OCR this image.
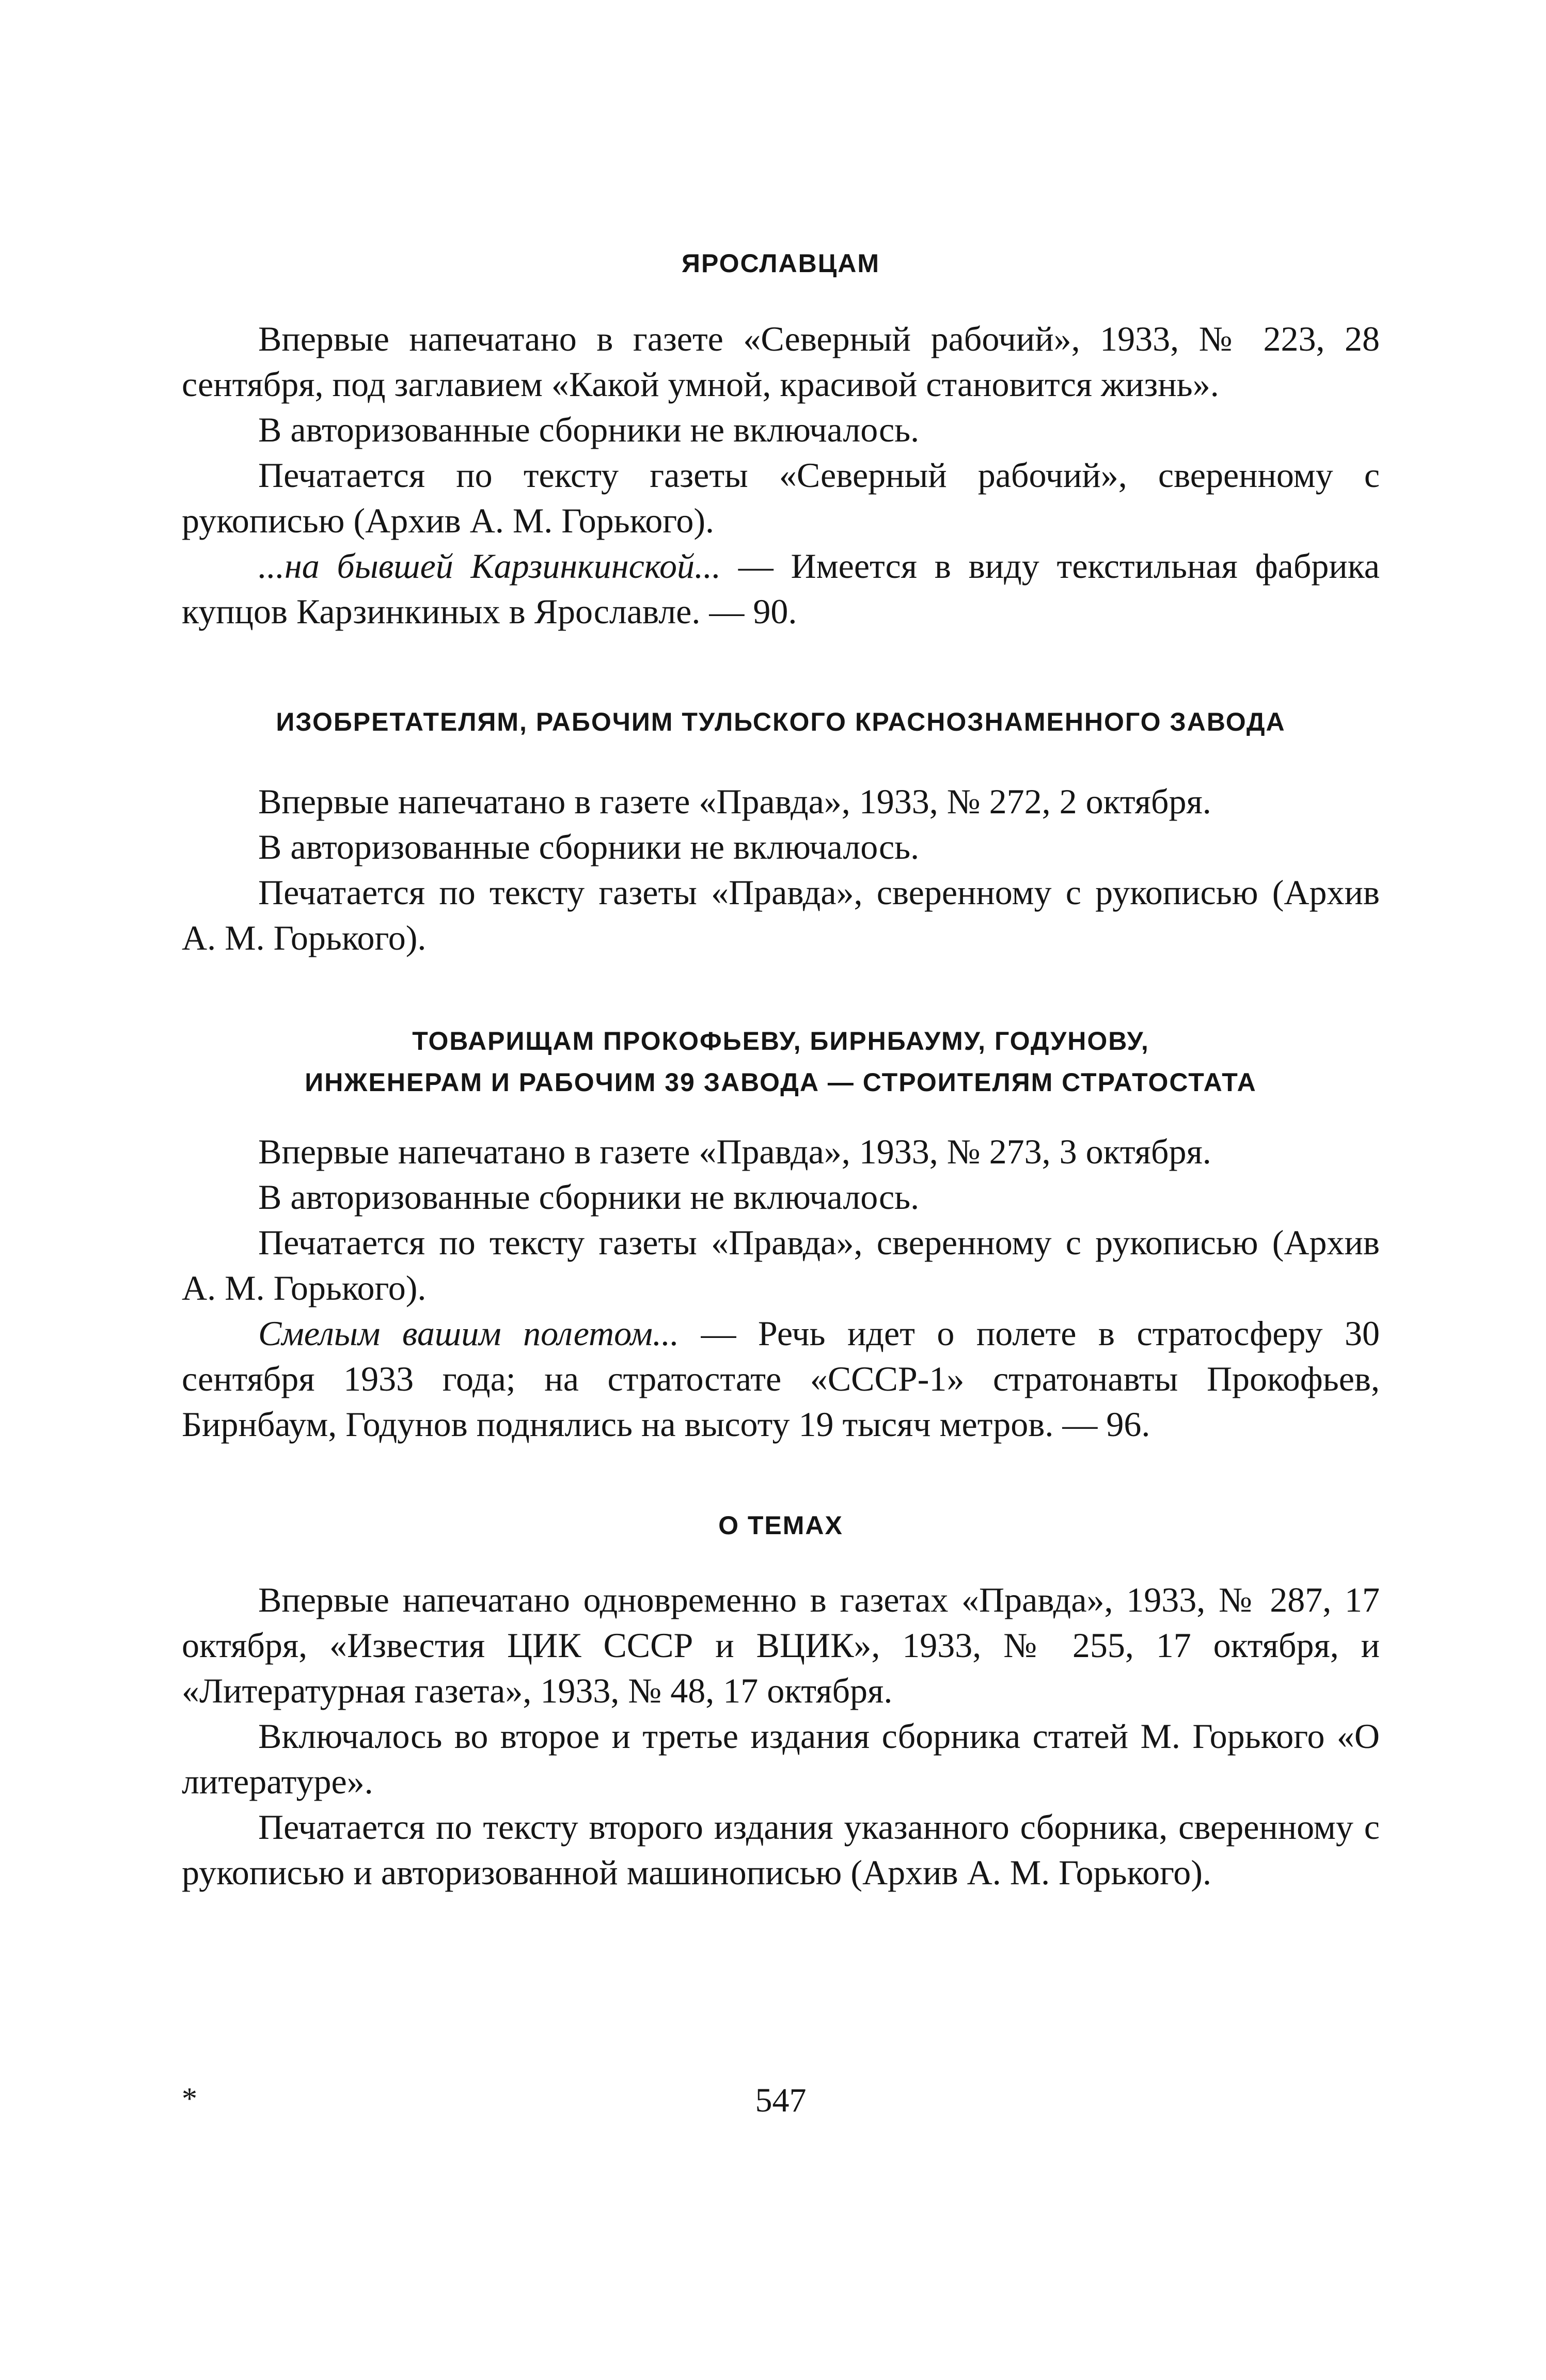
ЯРОСЛАВЦАМ

Впервые напечатано в газете «Северный рабочий», 1933, № 223, 28 сентября, под заглавием «Какой умной, красивой становится жизнь».

В авторизованные сборники не включалось.

Печатается по тексту газеты «Северный рабочий», сверенному с рукописью (Архив А. М. Горького).

...на бывшей Карзинкинской... — Имеется в виду текстильная фабрика купцов Карзинкиных в Ярославле. — 90.

ИЗОБРЕТАТЕЛЯМ, РАБОЧИМ ТУЛЬСКОГО КРАСНОЗНАМЕННОГО ЗАВОДА

Впервые напечатано в газете «Правда», 1933, № 272, 2 октября.

В авторизованные сборники не включалось.

Печатается по тексту газеты «Правда», сверенному с рукописью (Архив А. М. Горького).

ТОВАРИЩАМ ПРОКОФЬЕВУ, БИРНБАУМУ, ГОДУНОВУ,
ИНЖЕНЕРАМ И РАБОЧИМ 39 ЗАВОДА — СТРОИТЕЛЯМ СТРАТОСТАТА

Впервые напечатано в газете «Правда», 1933, № 273, 3 октября.

В авторизованные сборники не включалось.

Печатается по тексту газеты «Правда», сверенному с рукописью (Архив А. М. Горького).

Смелым вашим полетом... — Речь идет о полете в стратосферу 30 сентября 1933 года; на стратостате «СССР-1» стратонавты Прокофьев, Бирнбаум, Годунов поднялись на высоту 19 тысяч метров. — 96.

О ТЕМАХ

Впервые напечатано одновременно в газетах «Правда», 1933, № 287, 17 октября, «Известия ЦИК СССР и ВЦИК», 1933, № 255, 17 октября, и «Литературная газета», 1933, № 48, 17 октября.

Включалось во второе и третье издания сборника статей М. Горького «О литературе».

Печатается по тексту второго издания указанного сборника, сверенному с рукописью и авторизованной машинописью (Архив А. М. Горького).

*	547
